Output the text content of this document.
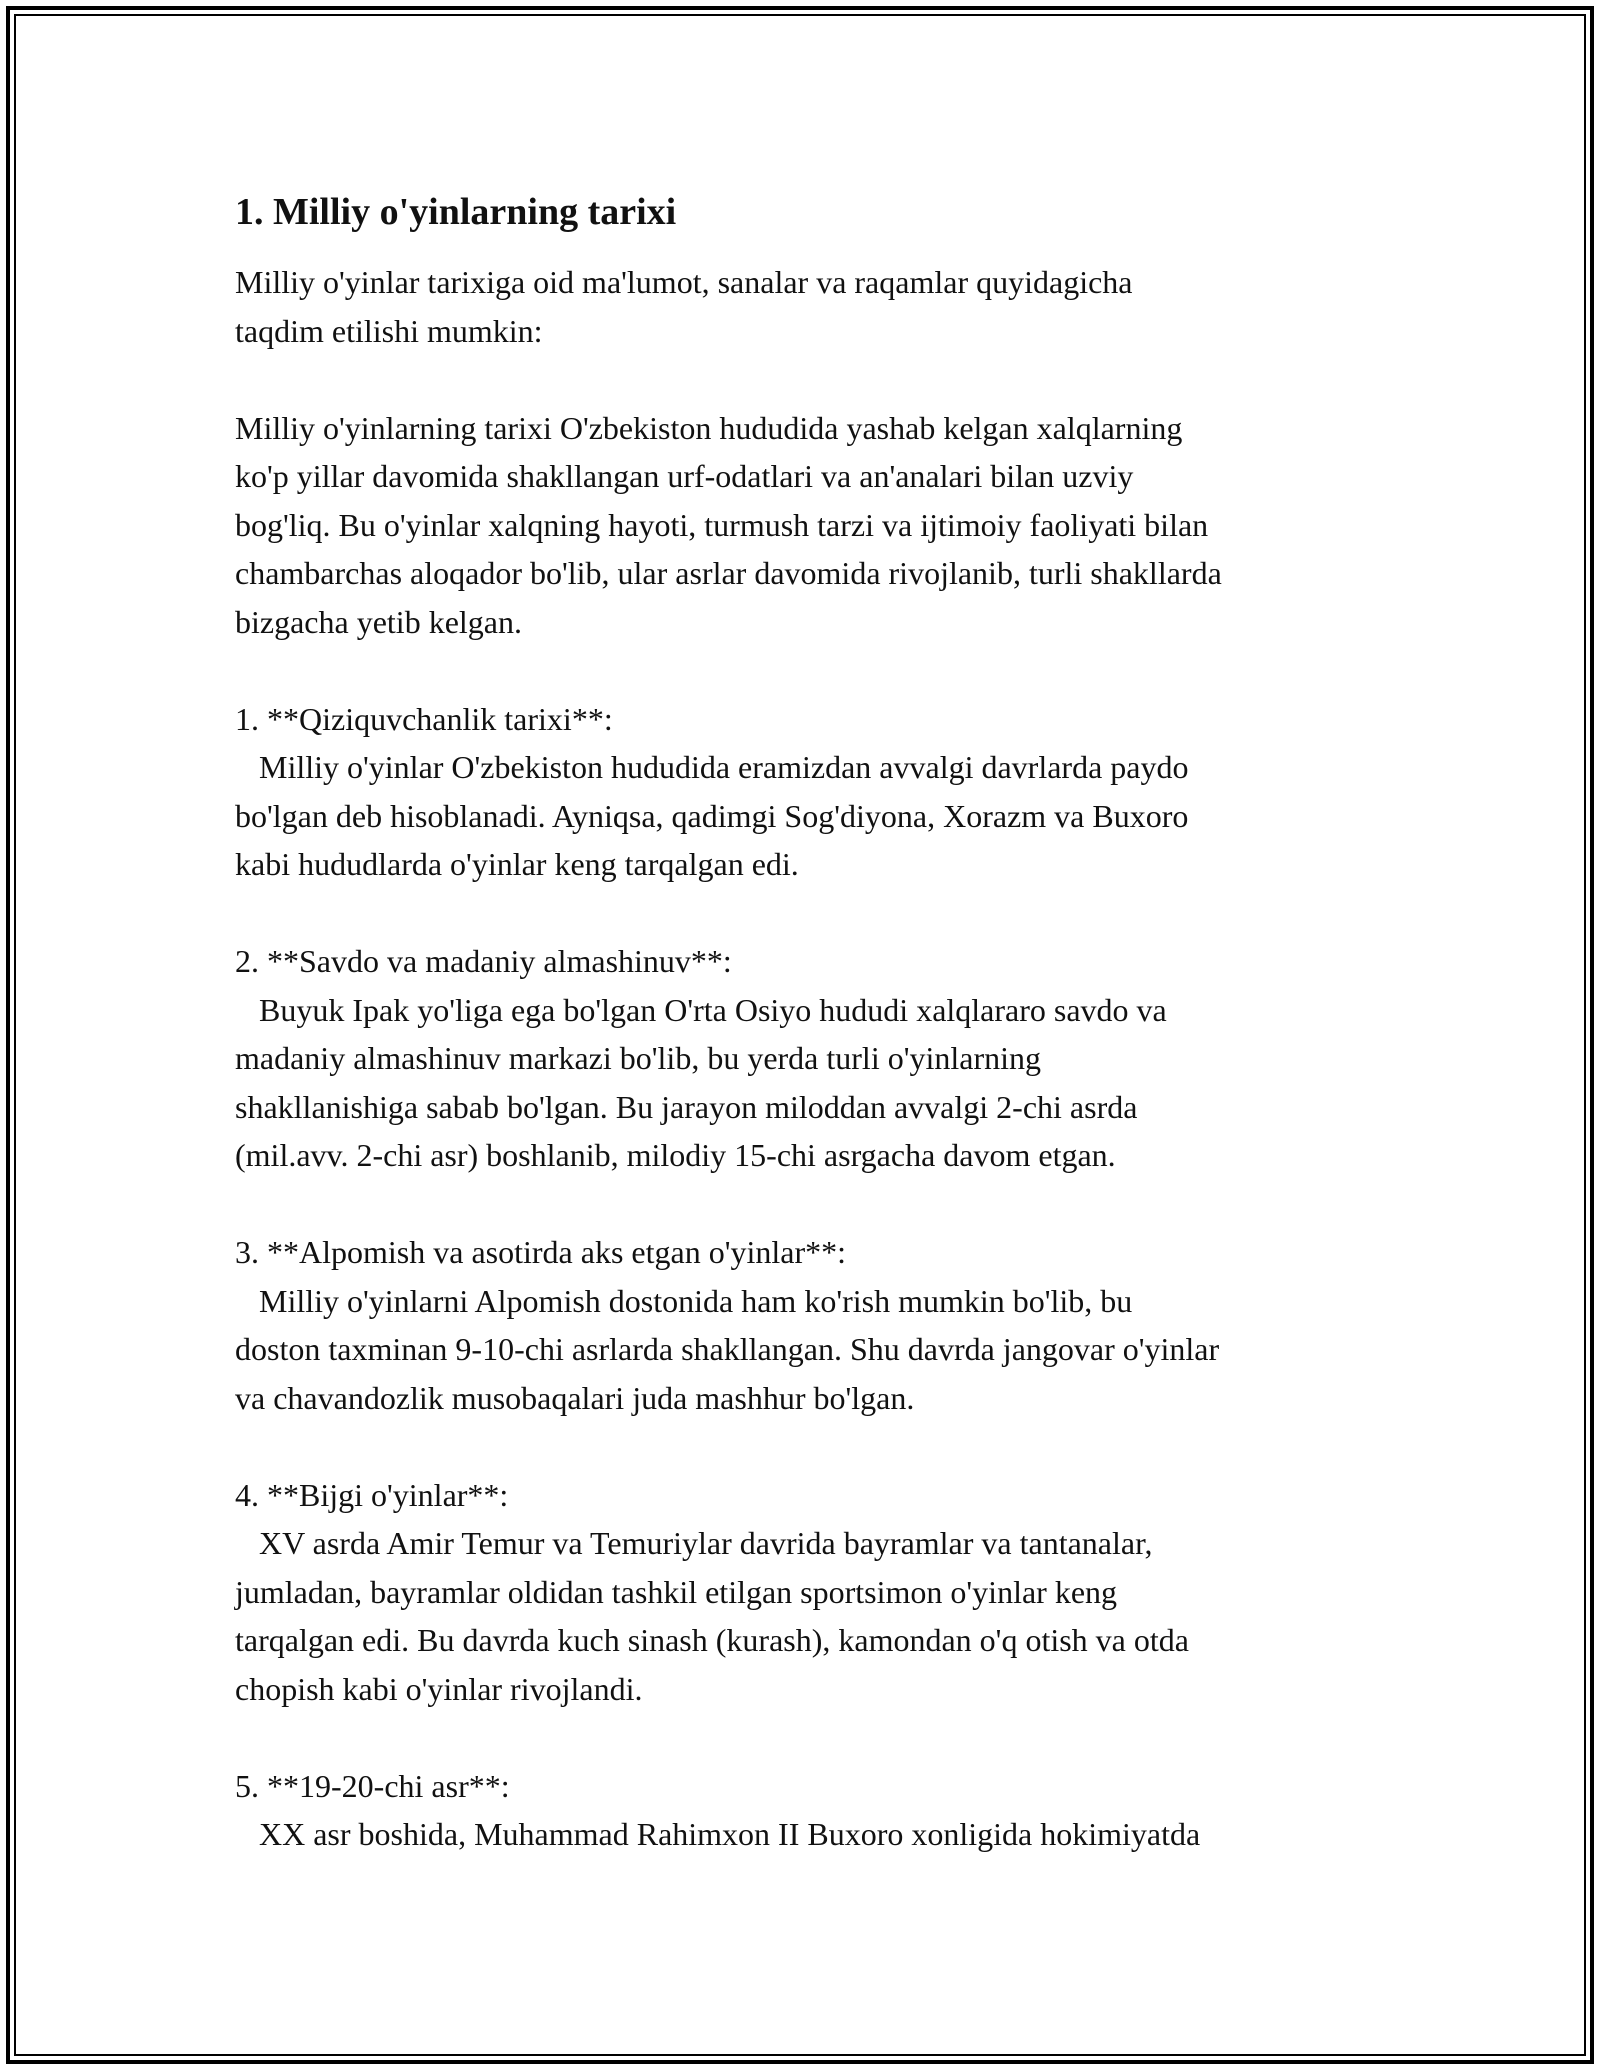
1. Milliy o'yinlarning tarixi

Milliy o'yinlar tarixiga oid ma'lumot, sanalar va raqamlar quyidagicha
taqdim etilishi mumkin:

Milliy o'yinlarning tarixi O'zbekiston hududida yashab kelgan xalqlarning
ko'p yillar davomida shakllangan urf-odatlari va an'analari bilan uzviy
bog'liq. Bu o'yinlar xalqning hayoti, turmush tarzi va ijtimoiy faoliyati bilan
chambarchas aloqador bo'lib, ular asrlar davomida rivojlanib, turli shakllarda
bizgacha yetib kelgan.

1. **Qiziquvchanlik tarixi**:

Milliy o'yinlar O'zbekiston hududida eramizdan avvalgi davrlarda paydo
bo'lgan deb hisoblanadi. Ayniqsa, qadimgi Sog'diyona, Xorazm va Buxoro
kabi hududlarda o'yinlar keng tarqalgan edi.

2. **Savdo va madaniy almashinuv**:

Buyuk Ipak yo'liga ega bo'lgan O'rta Osiyo hududi xalqlararo savdo va
madaniy almashinuv markazi bo'lib, bu yerda turli o'yinlarning
shakllanishiga sabab bo'lgan. Bu jarayon miloddan avvalgi 2-chi asrda
(mil.avv. 2-chi asr) boshlanib, milodiy 15-chi asrgacha davom etgan.

3. **Alpomish va asotirda aks etgan o'yinlar**:

Milliy o'yinlarni Alpomish dostonida ham ko'rish mumkin bo'lib, bu
doston taxminan 9-10-chi asrlarda shakllangan. Shu davrda jangovar o'yinlar
va chavandozlik musobaqalari juda mashhur bo'lgan.

4. **Bijgi o'yinlar**:

XV asrda Amir Temur va Temuriylar davrida bayramlar va tantanalar,
jumladan, bayramlar oldidan tashkil etilgan sportsimon o'yinlar keng
tarqalgan edi. Bu davrda kuch sinash (kurash), kamondan o'q otish va otda
chopish kabi o'yinlar rivojlandi.

5. **19-20-chi asr**:

XX asr boshida, Muhammad Rahimxon II Buxoro xonligida hokimiyatda
